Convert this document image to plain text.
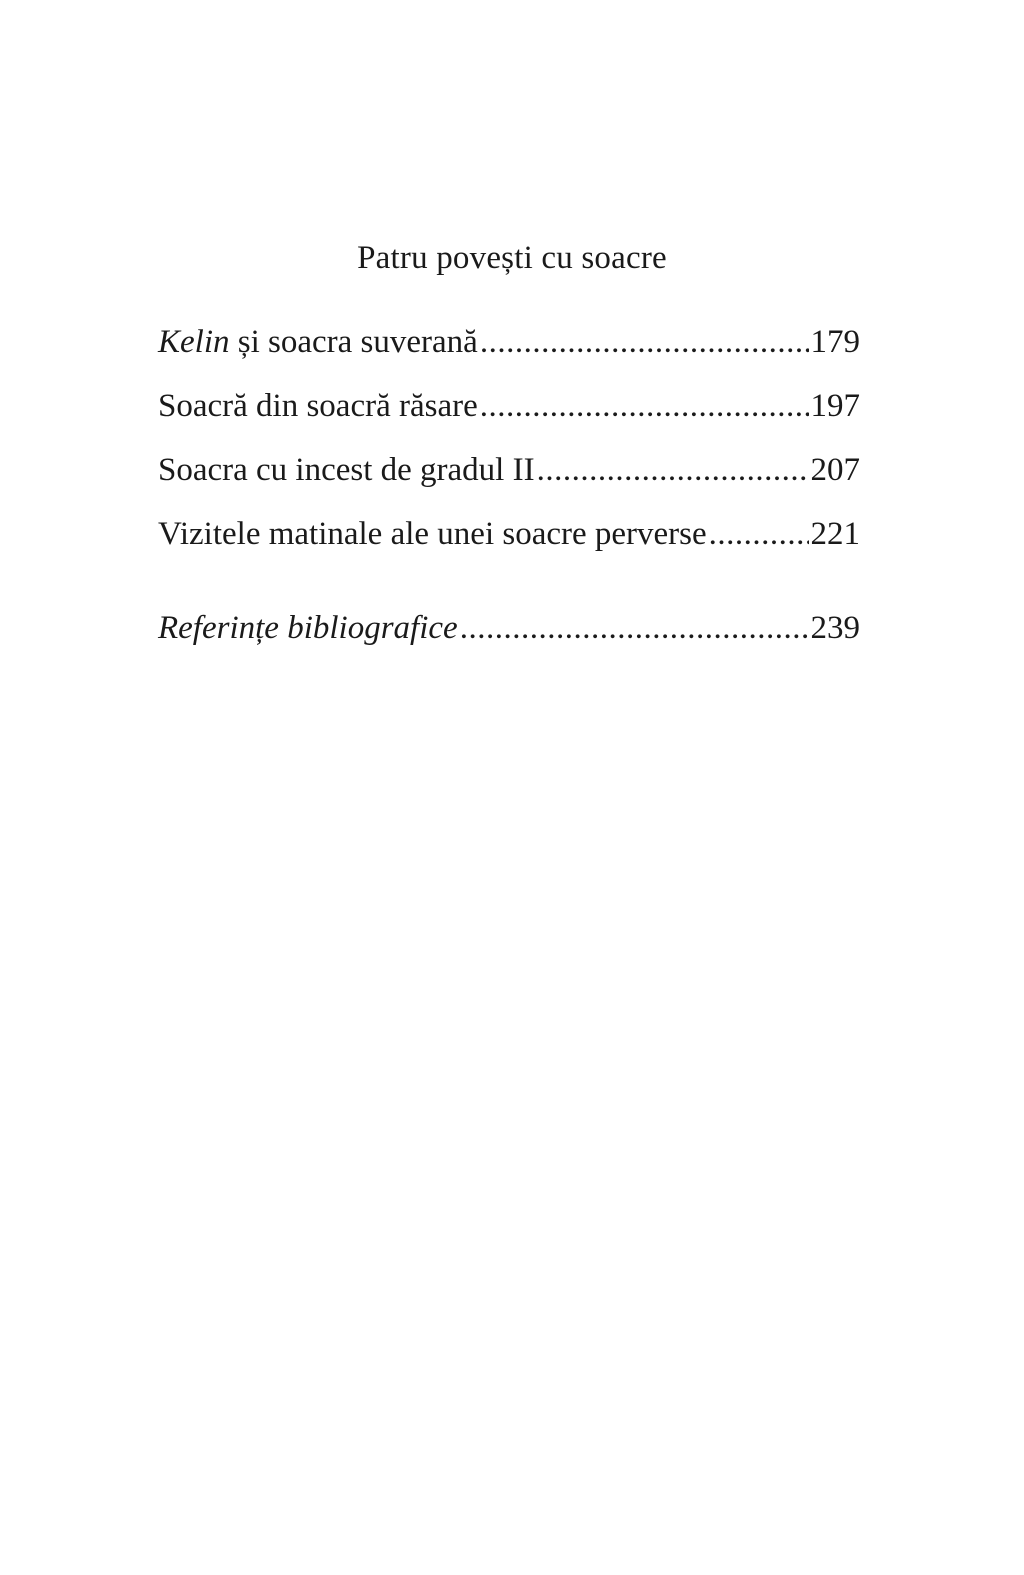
Patru povești cu soacre
Kelin și soacra suverană .....	179
Soacră din soacră răsare .....	197
Soacra cu incest de gradul II .....	207
Vizitele matinale ale unei soacre perverse .....	221
Referințe bibliografice .....	239
